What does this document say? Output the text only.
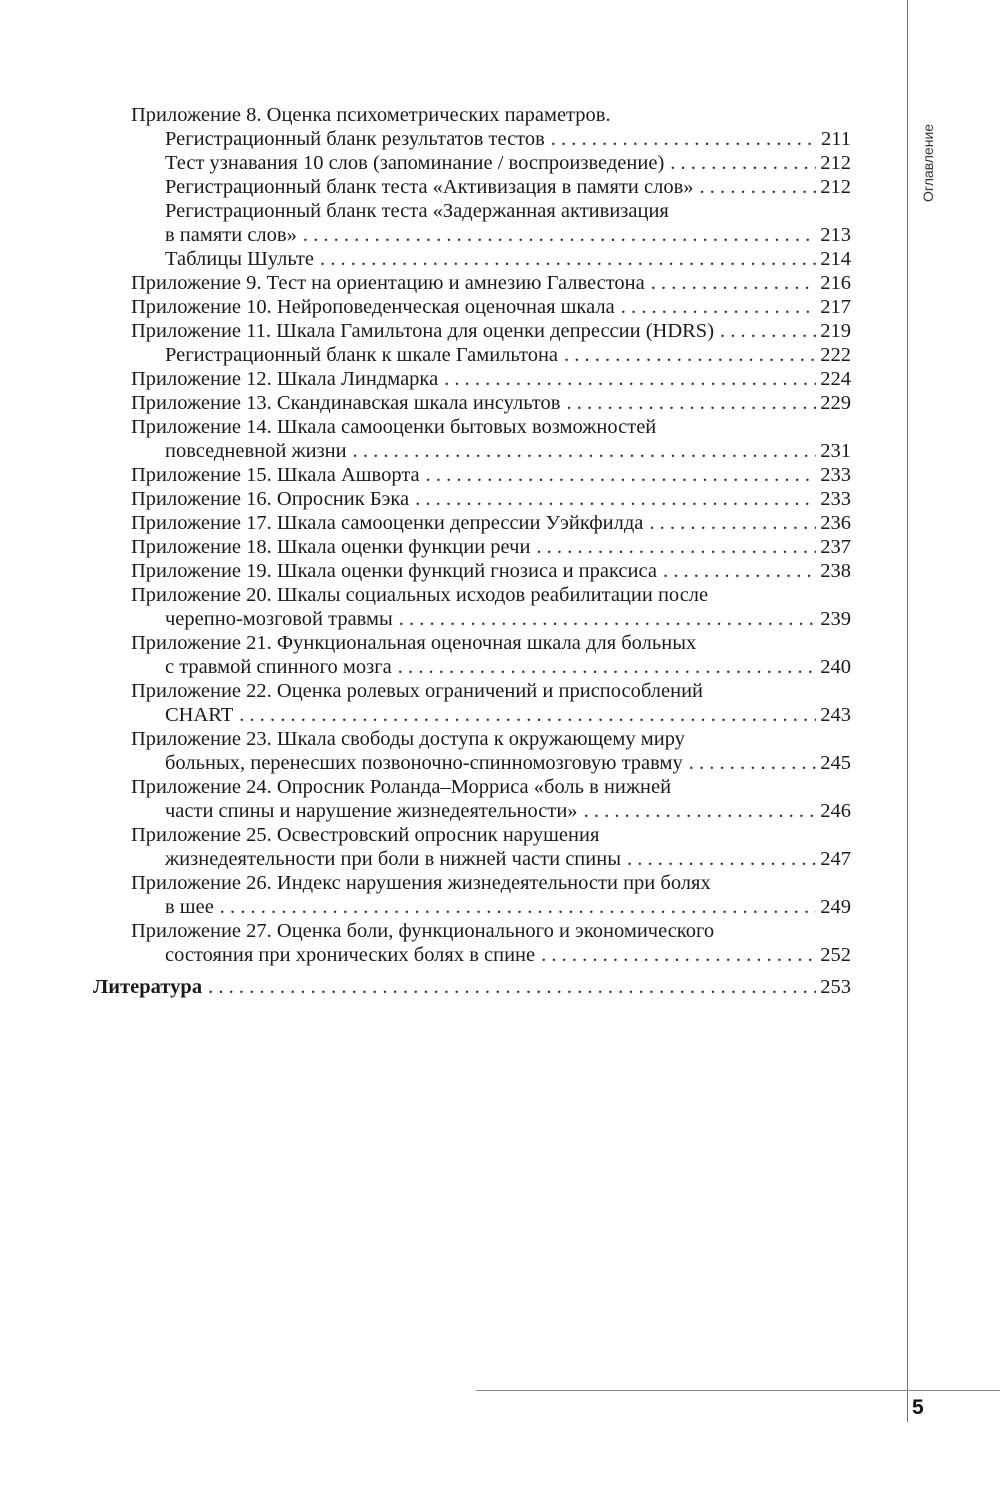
Приложение 8. Оценка психометрических параметров.
Регистрационный бланк результатов тестов . . .	211
Тест узнавания 10 слов (запоминание / воспроизведение) . . .	212
Регистрационный бланк теста «Активизация в памяти слов» . . .	212
Регистрационный бланк теста «Задержанная активизация
в памяти слов» . . .	213
Таблицы Шульте . . .	214
Приложение 9. Тест на ориентацию и амнезию Галвестона . . .	216
Приложение 10. Нейроповеденческая оценочная шкала . . .	217
Приложение 11. Шкала Гамильтона для оценки депрессии (HDRS) . . .	219
Регистрационный бланк к шкале Гамильтона . . .	222
Приложение 12. Шкала Линдмарка . . .	224
Приложение 13. Скандинавская шкала инсультов . . .	229
Приложение 14. Шкала самооценки бытовых возможностей
повседневной жизни . . .	231
Приложение 15. Шкала Ашворта . . .	233
Приложение 16. Опросник Бэка . . .	233
Приложение 17. Шкала самооценки депрессии Уэйкфилда . . .	236
Приложение 18. Шкала оценки функции речи . . .	237
Приложение 19. Шкала оценки функций гнозиса и праксиса . . .	238
Приложение 20. Шкалы социальных исходов реабилитации после
черепно-мозговой травмы . . .	239
Приложение 21. Функциональная оценочная шкала для больных
с травмой спинного мозга . . .	240
Приложение 22. Оценка ролевых ограничений и приспособлений
CHART . . .	243
Приложение 23. Шкала свободы доступа к окружающему миру
больных, перенесших позвоночно-спинномозговую травму . . .	245
Приложение 24. Опросник Роланда–Морриса «боль в нижней
части спины и нарушение жизнедеятельности» . . .	246
Приложение 25. Освестровский опросник нарушения
жизнедеятельности при боли в нижней части спины . . .	247
Приложение 26. Индекс нарушения жизнедеятельности при болях
в шее . . .	249
Приложение 27. Оценка боли, функционального и экономического
состояния при хронических болях в спине . . .	252
Литература . . .	253
Оглавление
5
